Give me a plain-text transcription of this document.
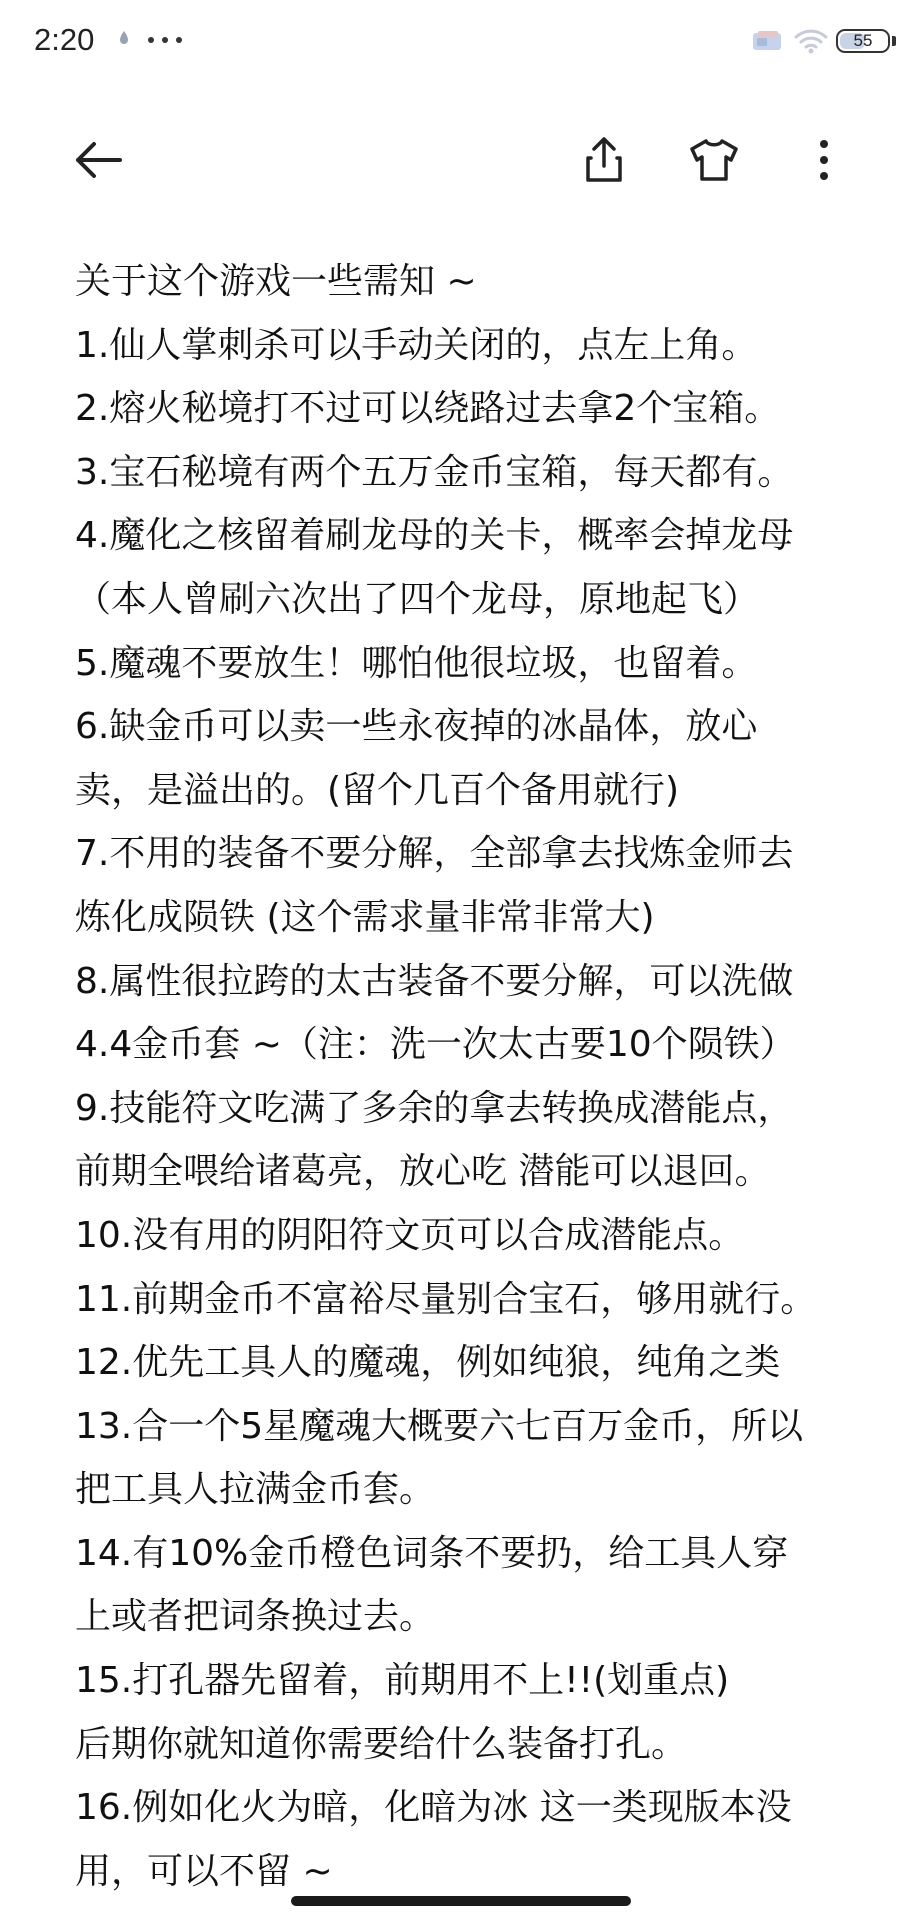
2:20	55
关于这个游戏一些需知 ~
1.仙人掌刺杀可以手动关闭的，点左上角。
2.熔火秘境打不过可以绕路过去拿2个宝箱。
3.宝石秘境有两个五万金币宝箱，每天都有。
4.魔化之核留着刷龙母的关卡，概率会掉龙母
（本人曾刷六次出了四个龙母，原地起飞）
5.魔魂不要放生！哪怕他很垃圾，也留着。
6.缺金币可以卖一些永夜掉的冰晶体，放心
卖，是溢出的。(留个几百个备用就行)
7.不用的装备不要分解，全部拿去找炼金师去
炼化成陨铁 (这个需求量非常非常大)
8.属性很拉跨的太古装备不要分解，可以洗做
4.4金币套 ~（注：洗一次太古要10个陨铁）
9.技能符文吃满了多余的拿去转换成潜能点，
前期全喂给诸葛亮，放心吃 潜能可以退回。
10.没有用的阴阳符文页可以合成潜能点。
11.前期金币不富裕尽量别合宝石，够用就行。
12.优先工具人的魔魂，例如纯狼，纯角之类
13.合一个5星魔魂大概要六七百万金币，所以
把工具人拉满金币套。
14.有10%金币橙色词条不要扔，给工具人穿
上或者把词条换过去。
15.打孔器先留着，前期用不上!!(划重点)
后期你就知道你需要给什么装备打孔。
16.例如化火为暗，化暗为冰 这一类现版本没
用，可以不留 ~
